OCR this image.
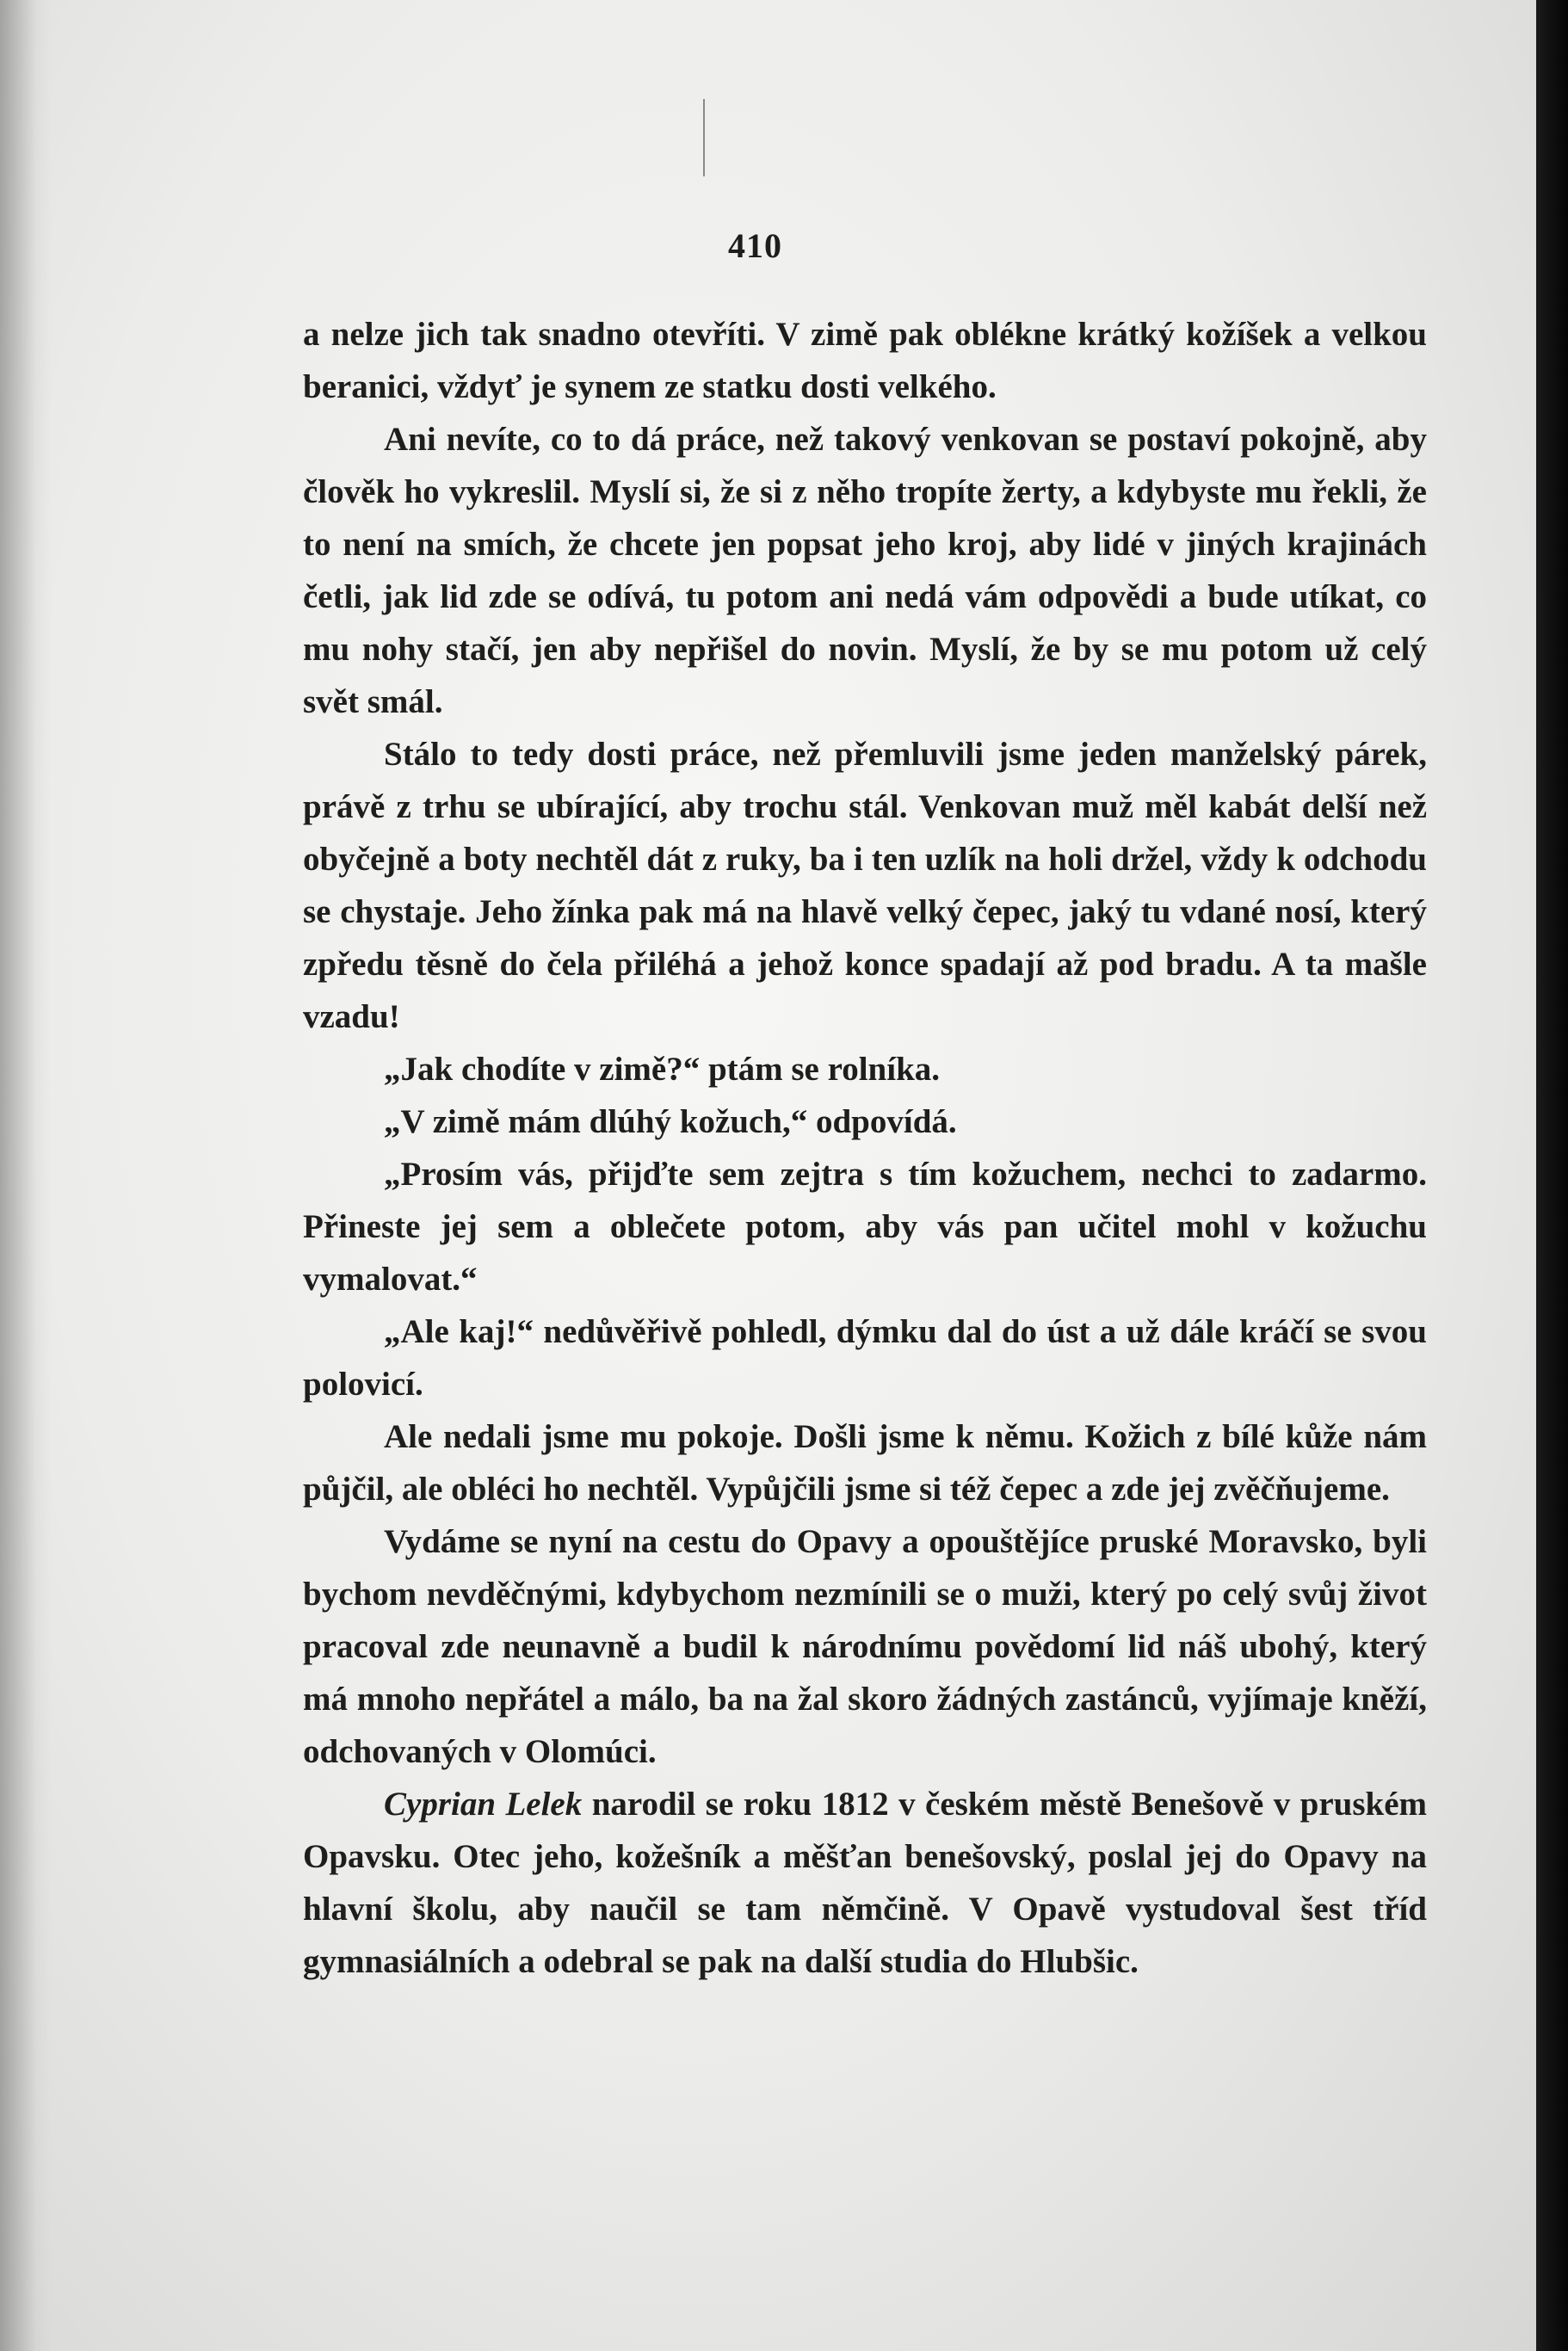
410

a nelze jich tak snadno otevříti. V zimě pak oblékne krátký kožíšek a velkou beranici, vždyť je synem ze statku dosti velkého.

Ani nevíte, co to dá práce, než takový venkovan se postaví pokojně, aby člověk ho vykreslil. Myslí si, že si z něho tropíte žerty, a kdybyste mu řekli, že to není na smích, že chcete jen popsat jeho kroj, aby lidé v jiných krajinách četli, jak lid zde se odívá, tu potom ani nedá vám odpovědi a bude utíkat, co mu nohy stačí, jen aby nepřišel do novin. Myslí, že by se mu potom už celý svět smál.

Stálo to tedy dosti práce, než přemluvili jsme jeden manželský párek, právě z trhu se ubírající, aby trochu stál. Venkovan muž měl kabát delší než obyčejně a boty nechtěl dát z ruky, ba i ten uzlík na holi držel, vždy k odchodu se chystaje. Jeho žínka pak má na hlavě velký čepec, jaký tu vdané nosí, který zpředu těsně do čela přiléhá a jehož konce spadají až pod bradu. A ta mašle vzadu!

„Jak chodíte v zimě?“ ptám se rolníka.

„V zimě mám dlúhý kožuch,“ odpovídá.

„Prosím vás, přijďte sem zejtra s tím kožuchem, nechci to zadarmo. Přineste jej sem a oblečete potom, aby vás pan učitel mohl v kožuchu vymalovat.“

„Ale kaj!“ nedůvěřivě pohledl, dýmku dal do úst a už dále kráčí se svou polovicí.

Ale nedali jsme mu pokoje. Došli jsme k němu. Kožich z bílé kůže nám půjčil, ale obléci ho nechtěl. Vypůjčili jsme si též čepec a zde jej zvěčňujeme.

Vydáme se nyní na cestu do Opavy a opouštějíce pruské Moravsko, byli bychom nevděčnými, kdybychom nezmínili se o muži, který po celý svůj život pracoval zde neunavně a budil k národnímu povědomí lid náš ubohý, který má mnoho nepřátel a málo, ba na žal skoro žádných zastánců, vyjímaje kněží, odchovaných v Olomúci.

Cyprian Lelek narodil se roku 1812 v českém městě Benešově v pruském Opavsku. Otec jeho, kožešník a měšťan benešovský, poslal jej do Opavy na hlavní školu, aby naučil se tam němčině. V Opavě vystudoval šest tříd gymnasiálních a odebral se pak na další studia do Hlubšic.
